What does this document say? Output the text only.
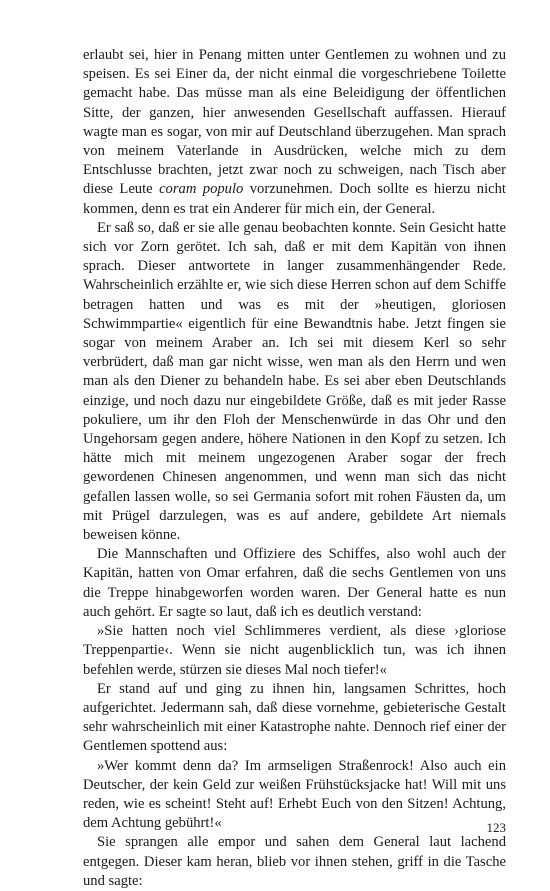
erlaubt sei, hier in Penang mitten unter Gentlemen zu wohnen und zu speisen. Es sei Einer da, der nicht einmal die vorgeschriebene Toilette gemacht habe. Das müsse man als eine Beleidigung der öffentlichen Sitte, der ganzen, hier anwesenden Gesellschaft auffassen. Hierauf wagte man es sogar, von mir auf Deutschland überzugehen. Man sprach von meinem Vaterlande in Ausdrücken, welche mich zu dem Entschlusse brachten, jetzt zwar noch zu schweigen, nach Tisch aber diese Leute coram populo vorzunehmen. Doch sollte es hierzu nicht kommen, denn es trat ein Anderer für mich ein, der General.

Er saß so, daß er sie alle genau beobachten konnte. Sein Gesicht hatte sich vor Zorn gerötet. Ich sah, daß er mit dem Kapitän von ihnen sprach. Dieser antwortete in langer zusammenhängender Rede. Wahrscheinlich erzählte er, wie sich diese Herren schon auf dem Schiffe betragen hatten und was es mit der »heutigen, gloriosen Schwimmpartie« eigentlich für eine Bewandtnis habe. Jetzt fingen sie sogar von meinem Araber an. Ich sei mit diesem Kerl so sehr verbrüdert, daß man gar nicht wisse, wen man als den Herrn und wen man als den Diener zu behandeln habe. Es sei aber eben Deutschlands einzige, und noch dazu nur eingebildete Größe, daß es mit jeder Rasse pokuliere, um ihr den Floh der Menschenwürde in das Ohr und den Ungehorsam gegen andere, höhere Nationen in den Kopf zu setzen. Ich hätte mich mit meinem ungezogenen Araber sogar der frech gewordenen Chinesen angenommen, und wenn man sich das nicht gefallen lassen wolle, so sei Germania sofort mit rohen Fäusten da, um mit Prügel darzulegen, was es auf andere, gebildete Art niemals beweisen könne.

Die Mannschaften und Offiziere des Schiffes, also wohl auch der Kapitän, hatten von Omar erfahren, daß die sechs Gentlemen von uns die Treppe hinabgeworfen worden waren. Der General hatte es nun auch gehört. Er sagte so laut, daß ich es deutlich verstand:

»Sie hatten noch viel Schlimmeres verdient, als diese ›gloriose Treppenpartie‹. Wenn sie nicht augenblicklich tun, was ich ihnen befehlen werde, stürzen sie dieses Mal noch tiefer!«

Er stand auf und ging zu ihnen hin, langsamen Schrittes, hoch aufgerichtet. Jedermann sah, daß diese vornehme, gebieterische Gestalt sehr wahrscheinlich mit einer Katastrophe nahte. Dennoch rief einer der Gentlemen spottend aus:

»Wer kommt denn da? Im armseligen Straßenrock! Also auch ein Deutscher, der kein Geld zur weißen Frühstücksjacke hat! Will mit uns reden, wie es scheint! Steht auf! Erhebt Euch von den Sitzen! Achtung, dem Achtung gebührt!«

Sie sprangen alle empor und sahen dem General laut lachend entgegen. Dieser kam heran, blieb vor ihnen stehen, griff in die Tasche und sagte:

123
